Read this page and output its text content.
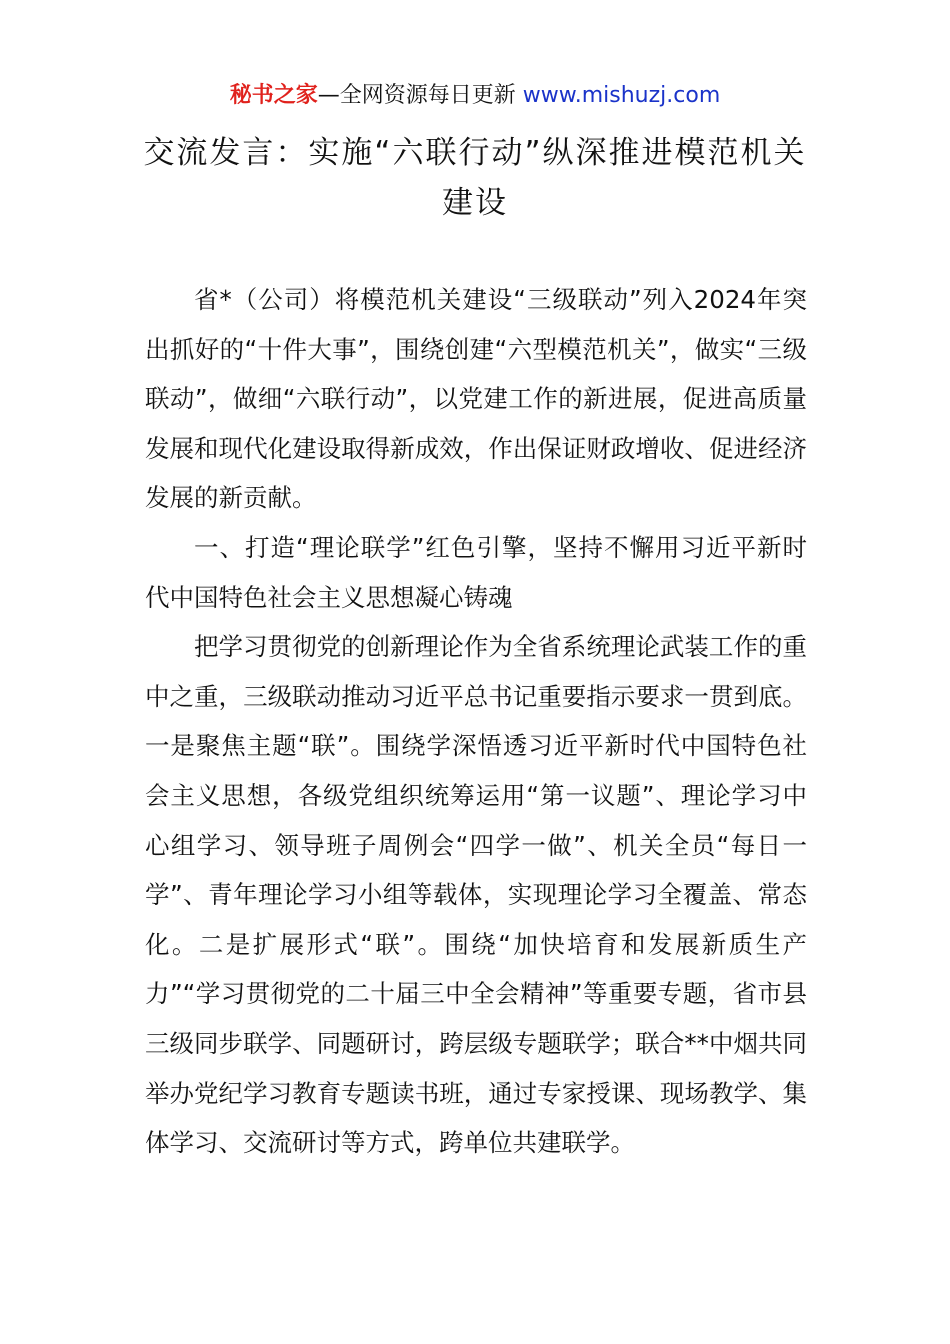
秘书之家—全网资源每日更新 www.mishuzj.com
交流发言：实施“六联行动”纵深推进模范机关建设

省*（公司）将模范机关建设“三级联动”列入2024年突出抓好的“十件大事”，围绕创建“六型模范机关”，做实“三级联动”，做细“六联行动”，以党建工作的新进展，促进高质量发展和现代化建设取得新成效，作出保证财政增收、促进经济发展的新贡献。

一、打造“理论联学”红色引擎，坚持不懈用习近平新时代中国特色社会主义思想凝心铸魂

把学习贯彻党的创新理论作为全省系统理论武装工作的重中之重，三级联动推动习近平总书记重要指示要求一贯到底。一是聚焦主题“联”。围绕学深悟透习近平新时代中国特色社会主义思想，各级党组织统筹运用“第一议题”、理论学习中心组学习、领导班子周例会“四学一做”、机关全员“每日一学”、青年理论学习小组等载体，实现理论学习全覆盖、常态化。二是扩展形式“联”。围绕“加快培育和发展新质生产力”“学习贯彻党的二十届三中全会精神”等重要专题，省市县三级同步联学、同题研讨，跨层级专题联学；联合**中烟共同举办党纪学习教育专题读书班，通过专家授课、现场教学、集体学习、交流研讨等方式，跨单位共建联学。
